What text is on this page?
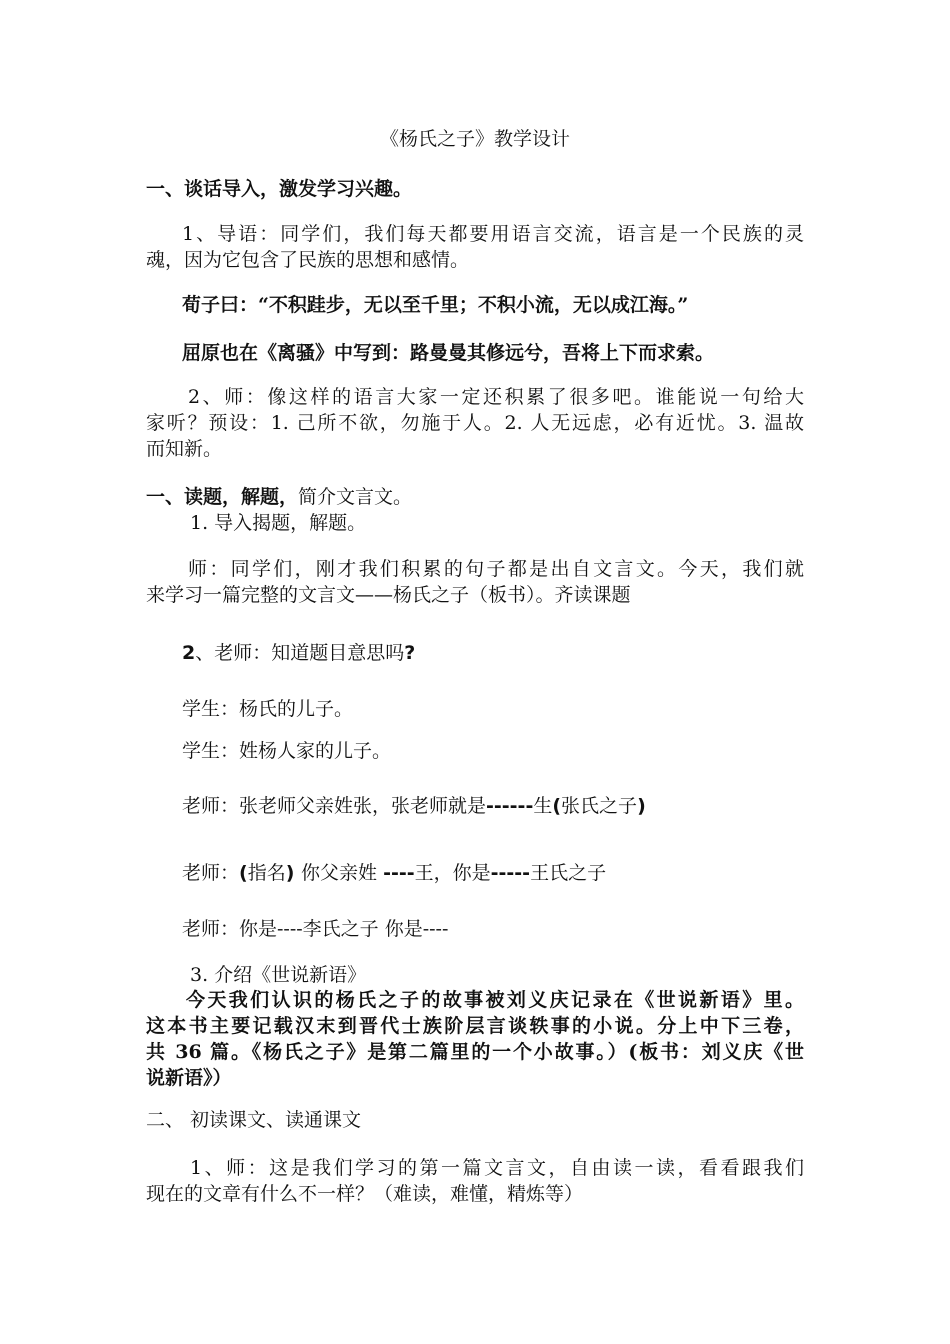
《杨氏之子》教学设计
一、谈话导入，激发学习兴趣。
1、导语：同学们，我们每天都要用语言交流，语言是一个民族的灵
魂，因为它包含了民族的思想和感情。
荀子曰：“不积跬步，无以至千里；不积小流，无以成江海。”
屈原也在《离骚》中写到：路曼曼其修远兮，吾将上下而求索。
2、师：像这样的语言大家一定还积累了很多吧。谁能说一句给大
家听？预设：1. 己所不欲，勿施于人。2. 人无远虑，必有近忧。3. 温故
而知新。
一、读题，解题，简介文言文。
1. 导入揭题，解题。
师：同学们，刚才我们积累的句子都是出自文言文。今天，我们就
来学习一篇完整的文言文——杨氏之子（板书）。齐读课题
2、老师：知道题目意思吗?
学生：杨氏的儿子。
学生：姓杨人家的儿子。
老师：张老师父亲姓张，张老师就是------生(张氏之子)
老师：(指名) 你父亲姓 ----王，你是-----王氏之子
老师：你是----李氏之子 你是----
3. 介绍《世说新语》
今天我们认识的杨氏之子的故事被刘义庆记录在《世说新语》里。
这本书主要记载汉末到晋代士族阶层言谈轶事的小说。分上中下三卷，
共 36 篇。《杨氏之子》是第二篇里的一个小故事。）(板书：刘义庆《世
说新语》）
二、 初读课文、读通课文
1、师：这是我们学习的第一篇文言文，自由读一读，看看跟我们
现在的文章有什么不一样？（难读，难懂，精炼等）
